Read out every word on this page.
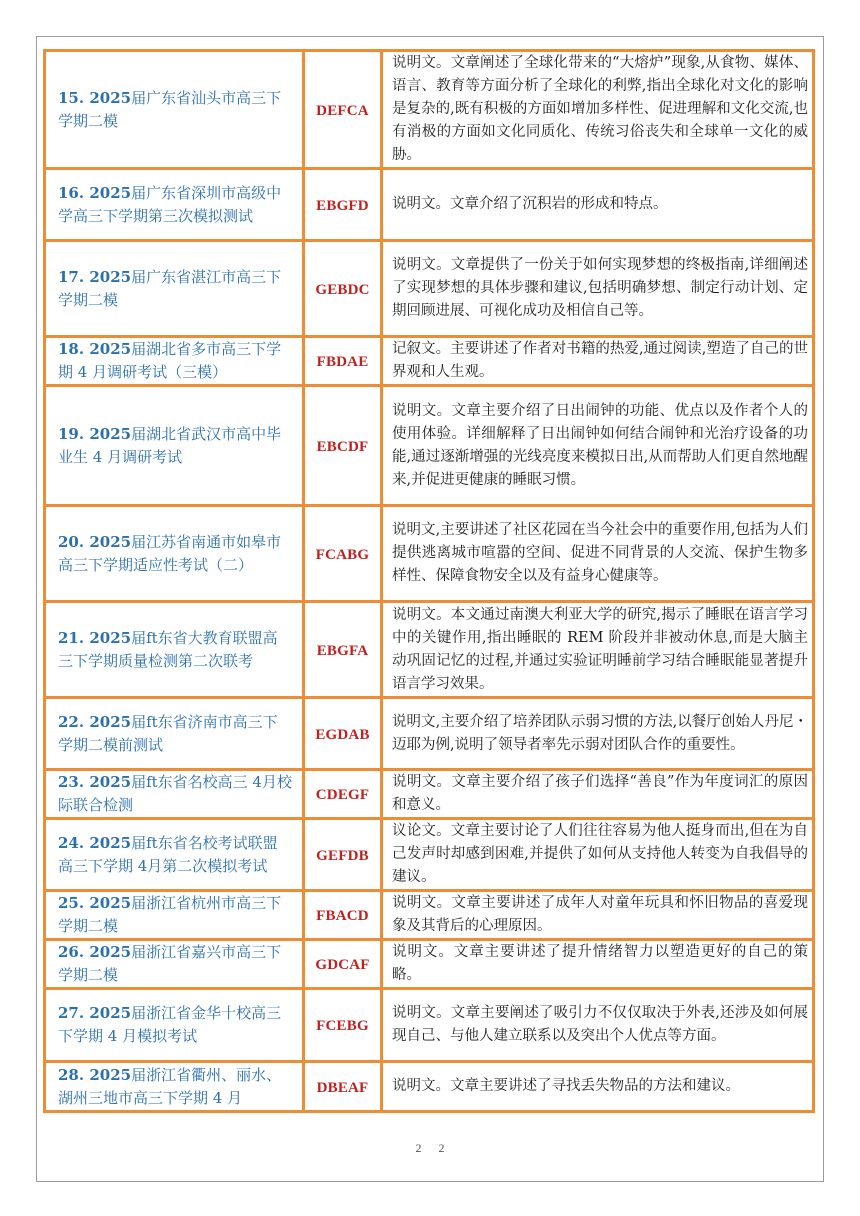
15. 2025届广东省汕头市高三下学期二模	DEFCA	说明文。文章阐述了全球化带来的“大熔炉”现象,从食物、媒体、语言、教育等方面分析了全球化的利弊,指出全球化对文化的影响是复杂的,既有积极的方面如增加多样性、促进理解和文化交流,也有消极的方面如文化同质化、传统习俗丧失和全球单一文化的威胁。

16. 2025届广东省深圳市高级中学高三下学期第三次模拟测试	EBGFD	说明文。文章介绍了沉积岩的形成和特点。

17. 2025届广东省湛江市高三下学期二模	GEBDC	说明文。文章提供了一份关于如何实现梦想的终极指南,详细阐述了实现梦想的具体步骤和建议,包括明确梦想、制定行动计划、定期回顾进展、可视化成功及相信自己等。

18. 2025届湖北省多市高三下学期 4 月调研考试（三模）	FBDAE	记叙文。主要讲述了作者对书籍的热爱,通过阅读,塑造了自己的世界观和人生观。

19. 2025届湖北省武汉市高中毕业生 4 月调研考试	EBCDF	说明文。文章主要介绍了日出闹钟的功能、优点以及作者个人的使用体验。详细解释了日出闹钟如何结合闹钟和光治疗设备的功能,通过逐渐增强的光线亮度来模拟日出,从而帮助人们更自然地醒来,并促进更健康的睡眠习惯。

20. 2025届江苏省南通市如皋市高三下学期适应性考试（二）	FCABG	说明文,主要讲述了社区花园在当今社会中的重要作用,包括为人们提供逃离城市喧嚣的空间、促进不同背景的人交流、保护生物多样性、保障食物安全以及有益身心健康等。

21. 2025届ft东省大教育联盟高三下学期质量检测第二次联考	EBGFA	说明文。本文通过南澳大利亚大学的研究,揭示了睡眠在语言学习中的关键作用,指出睡眠的 REM 阶段并非被动休息,而是大脑主动巩固记忆的过程,并通过实验证明睡前学习结合睡眠能显著提升语言学习效果。

22. 2025届ft东省济南市高三下学期二模前测试	EGDAB	说明文,主要介绍了培养团队示弱习惯的方法,以餐厅创始人丹尼・迈耶为例,说明了领导者率先示弱对团队合作的重要性。

23. 2025届ft东省名校高三 4月校际联合检测	CDEGF	说明文。文章主要介绍了孩子们选择“善良”作为年度词汇的原因和意义。

24. 2025届ft东省名校考试联盟高三下学期 4月第二次模拟考试	GEFDB	议论文。文章主要讨论了人们往往容易为他人挺身而出,但在为自己发声时却感到困难,并提供了如何从支持他人转变为自我倡导的建议。

25. 2025届浙江省杭州市高三下学期二模	FBACD	说明文。文章主要讲述了成年人对童年玩具和怀旧物品的喜爱现象及其背后的心理原因。

26. 2025届浙江省嘉兴市高三下学期二模	GDCAF	说明文。文章主要讲述了提升情绪智力以塑造更好的自己的策略。

27. 2025届浙江省金华十校高三下学期 4 月模拟考试	FCEBG	说明文。文章主要阐述了吸引力不仅仅取决于外表,还涉及如何展现自己、与他人建立联系以及突出个人优点等方面。

28. 2025届浙江省衢州、丽水、湖州三地市高三下学期 4 月	DBEAF	说明文。文章主要讲述了寻找丢失物品的方法和建议。
2 2
